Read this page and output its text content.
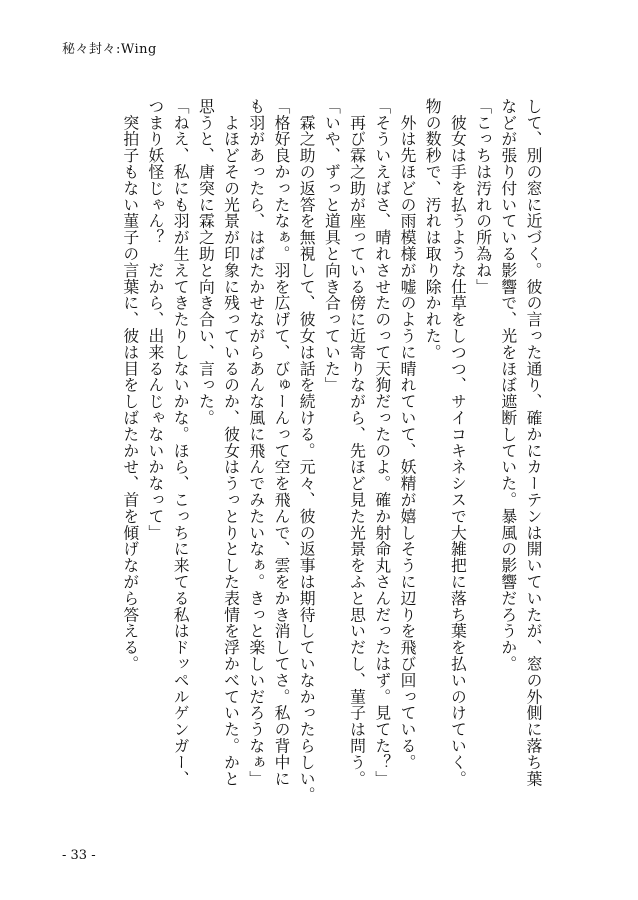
秘々封々:Wing
して、別の窓に近づく。彼の言った通り、確かにカーテンは開いていたが、窓の外側に落ち葉
などが張り付いている影響で、光をほぼ遮断していた。暴風の影響だろうか。
「こっちは汚れの所為ね」
　彼女は手を払うような仕草をしつつ、サイコキネシスで大雑把に落ち葉を払いのけていく。
物の数秒で、汚れは取り除かれた。
　外は先ほどの雨模様が嘘のように晴れていて、妖精が嬉しそうに辺りを飛び回っている。
「そういえばさ、晴れさせたのって天狗だったのよ。確か射命丸さんだったはず。見てた？」
　再び霖之助が座っている傍に近寄りながら、先ほど見た光景をふと思いだし、菫子は問う。
「いや、ずっと道具と向き合っていた」
　霖之助の返答を無視して、彼女は話を続ける。元々、彼の返事は期待していなかったらしい。
「格好良かったなぁ。羽を広げて、びゅーんって空を飛んで、雲をかき消してさ。私の背中に
も羽があったら、はばたかせながらあんな風に飛んでみたいなぁ。きっと楽しいだろうなぁ」
　よほどその光景が印象に残っているのか、彼女はうっとりとした表情を浮かべていた。かと
思うと、唐突に霖之助と向き合い、言った。
「ねえ、私にも羽が生えてきたりしないかな。ほら、こっちに来てる私はドッペルゲンガー、
つまり妖怪じゃん？　だから、出来るんじゃないかなって」
　突拍子もない菫子の言葉に、彼は目をしばたかせ、首を傾げながら答える。
- 33 -
